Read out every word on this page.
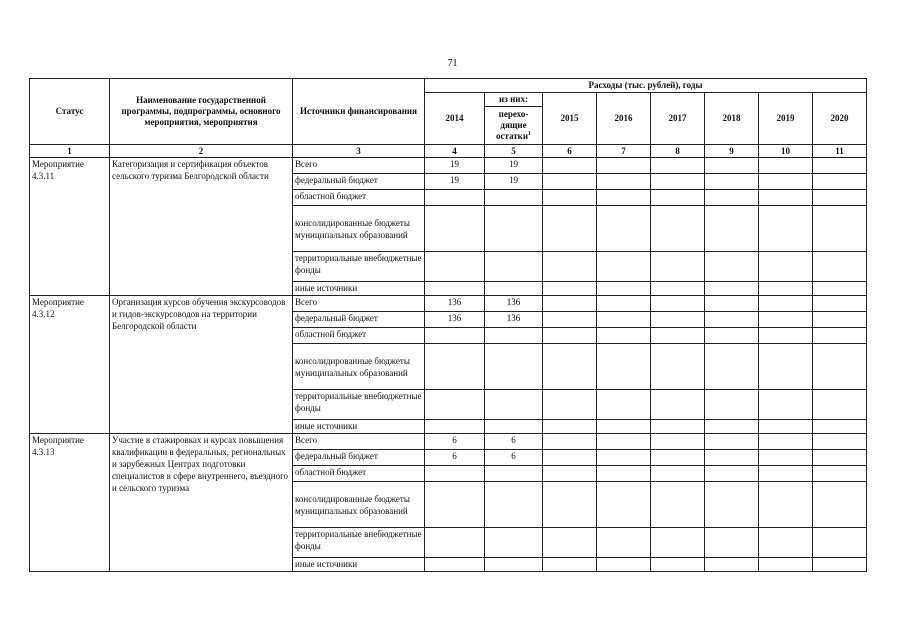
71
Статус	Наименование государственной программы, подпрограммы, основного мероприятия, мероприятия	Источники финансирования	Расходы (тыс. рублей), годы							
			2014	из них:	2015	2016	2017	2018	2019	2020
				перехо-дящие остатки$^1$
1	2	3	4	5	6	7	8	9	10	11
Мероприятие 4.3.11	Категоризация и сертификация объектов сельского туризма Белгородской области	Всего	19	19						
		федеральный бюджет	19	19						
		областной бюджет								
		консолидированные бюджеты муниципальных образований								
		территориальные внебюджетные фонды								
		иные источники								
Мероприятие 4.3.12	Организация курсов обучения экскурсоводов и гидов-экскурсоводов на территории Белгородской области	Всего	136	136						
		федеральный бюджет	136	136						
		областной бюджет								
		консолидированные бюджеты муниципальных образований								
		территориальные внебюджетные фонды								
		иные источники								
Мероприятие 4.3.13	Участие в стажировках и курсах повышения квалификации в федеральных, региональных и зарубежных Центрах подготовки специалистов в сфере внутреннего, въездного и сельского туризма	Всего	6	6						
		федеральный бюджет	6	6						
		областной бюджет								
		консолидированные бюджеты муниципальных образований								
		территориальные внебюджетные фонды								
		иные источники								
